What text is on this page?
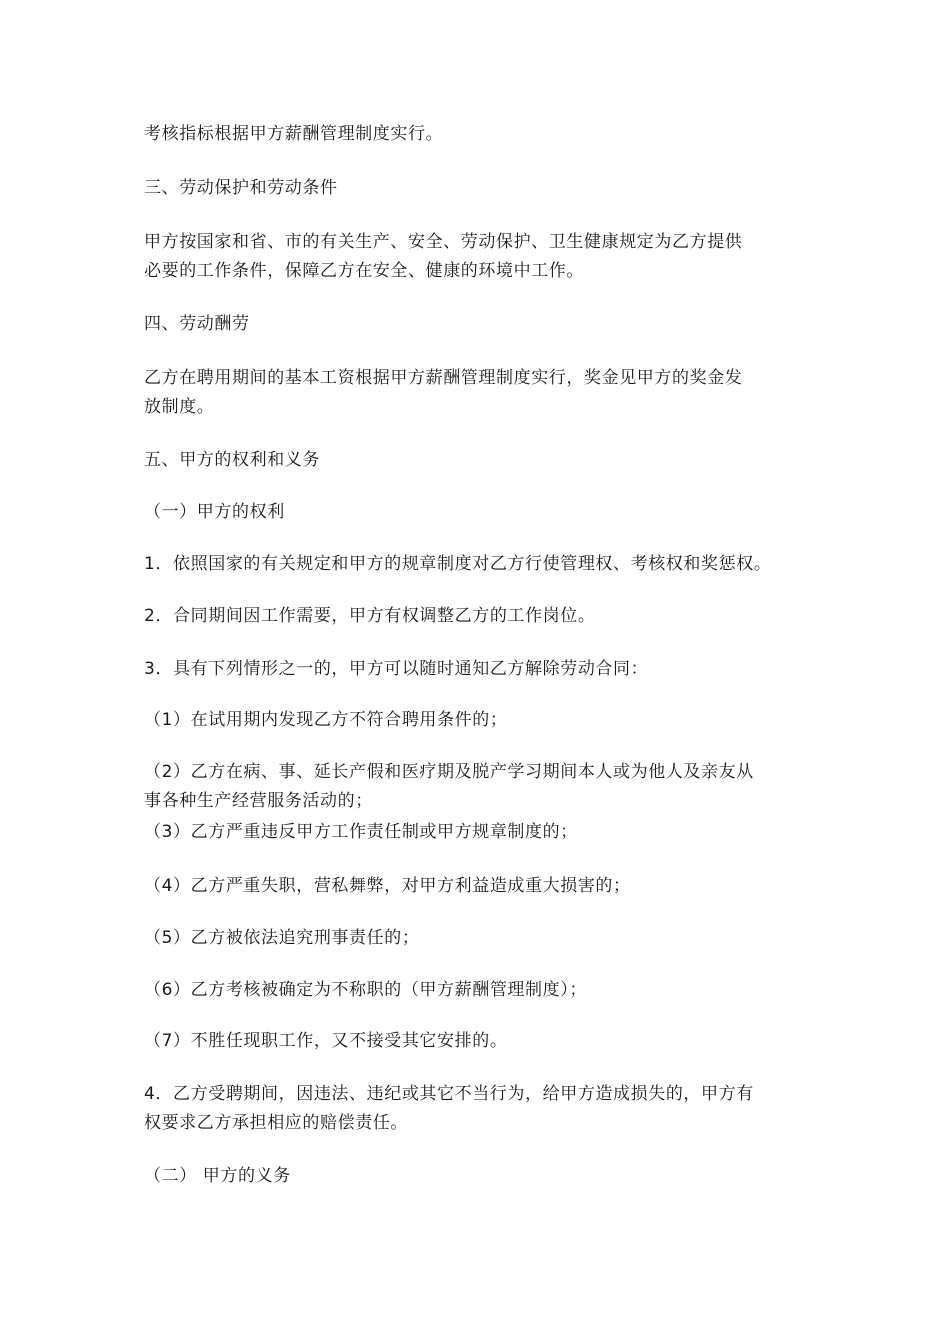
考核指标根据甲方薪酬管理制度实行。
三、劳动保护和劳动条件
甲方按国家和省、市的有关生产、安全、劳动保护、卫生健康规定为乙方提供
必要的工作条件，保障乙方在安全、健康的环境中工作。
四、劳动酬劳
乙方在聘用期间的基本工资根据甲方薪酬管理制度实行，奖金见甲方的奖金发
放制度。
五、甲方的权利和义务
（一）甲方的权利
1．依照国家的有关规定和甲方的规章制度对乙方行使管理权、考核权和奖惩权。
2．合同期间因工作需要，甲方有权调整乙方的工作岗位。
3．具有下列情形之一的，甲方可以随时通知乙方解除劳动合同：
（1）在试用期内发现乙方不符合聘用条件的；
（2）乙方在病、事、延长产假和医疗期及脱产学习期间本人或为他人及亲友从
事各种生产经营服务活动的；
（3）乙方严重违反甲方工作责任制或甲方规章制度的；
（4）乙方严重失职，营私舞弊，对甲方利益造成重大损害的；
（5）乙方被依法追究刑事责任的；
（6）乙方考核被确定为不称职的（甲方薪酬管理制度）；
（7）不胜任现职工作，又不接受其它安排的。
4．乙方受聘期间，因违法、违纪或其它不当行为，给甲方造成损失的，甲方有
权要求乙方承担相应的赔偿责任。
（二） 甲方的义务
